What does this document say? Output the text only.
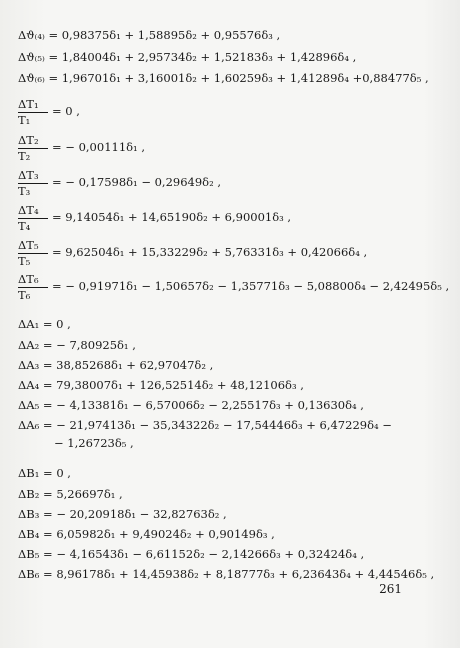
Δϑ₍₄₎ = 0,98375δ₁ + 1,58895δ₂ + 0,95576δ₃ ,
Δϑ₍₅₎ = 1,84004δ₁ + 2,95734δ₂ + 1,52183δ₃ + 1,42896δ₄ ,
Δϑ₍₆₎ = 1,96701δ₁ + 3,16001δ₂ + 1,60259δ₃ + 1,41289δ₄ +0,88477δ₅ ,
$\frac{\text{ΔT₁}}{\text{T₁}} = 0$ ,
$\frac{\text{ΔT₂}}{\text{T₂}}$ = − 0,00111δ₁ ,
$\frac{\text{ΔT₃}}{\text{T₃}}$ = − 0,17598δ₁ − 0,29649δ₂ ,
$\frac{\text{ΔT₄}}{\text{T₄}} = 9,14054\delta_1 + 14,65190\delta_2 + 6,90001\delta_3$ ,
$\frac{\text{ΔT₅}}{\text{T₅}} = 9,62504\delta_1 + 15,33229\delta_2 + 5,76331\delta_3 + 0,42066\delta_4$ ,
$\frac{\text{ΔT₆}}{\text{T₆}}$ = − 0,91971δ₁ − 1,50657δ₂ − 1,35771δ₃ − 5,08800δ₄ − 2,42495δ₅ ,
ΔA₁ = 0 ,
ΔA₂ = − 7,80925δ₁ ,
ΔA₃ = 38,85268δ₁ + 62,97047δ₂ ,
ΔA₄ = 79,38007δ₁ + 126,52514δ₂ + 48,12106δ₃ ,
ΔA₅ = − 4,13381δ₁ − 6,57006δ₂ − 2,25517δ₃ + 0,13630δ₄ ,
ΔA₆ = − 21,97413δ₁ − 35,34322δ₂ − 17,54446δ₃ + 6,47229δ₄ −
− 1,26723δ₅ ,
ΔB₁ = 0 ,
ΔB₂ = 5,26697δ₁ ,
ΔB₃ = − 20,20918δ₁ − 32,82763δ₂ ,
ΔB₄ = 6,05982δ₁ + 9,49024δ₂ + 0,90149δ₃ ,
ΔB₅ = − 4,16543δ₁ − 6,61152δ₂ − 2,14266δ₃ + 0,32424δ₄ ,
ΔB₆ = 8,96178δ₁ + 14,45938δ₂ + 8,18777δ₃ + 6,23643δ₄ + 4,44546δ₅ ,
261
